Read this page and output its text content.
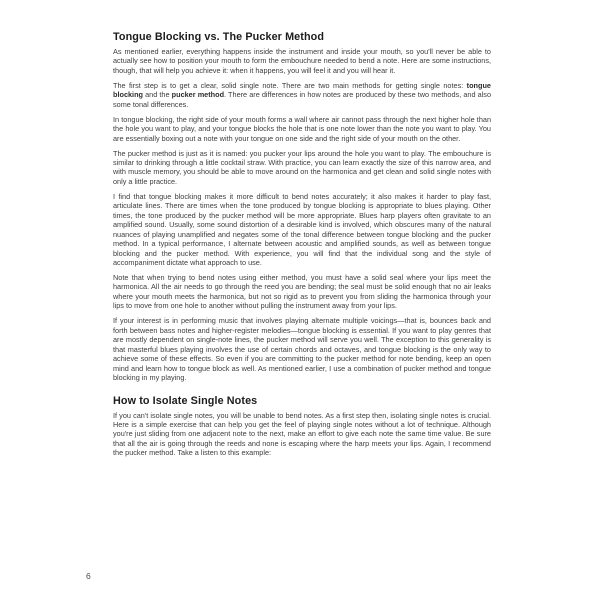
Tongue Blocking vs. The Pucker Method

As mentioned earlier, everything happens inside the instrument and inside your mouth, so you'll never be able to actually see how to position your mouth to form the embouchure needed to bend a note. Here are some instructions, though, that will help you achieve it: when it happens, you will feel it and you will hear it.

The first step is to get a clear, solid single note. There are two main methods for getting single notes: tongue blocking and the pucker method. There are differences in how notes are produced by these two methods, and also some tonal differences.

In tongue blocking, the right side of your mouth forms a wall where air cannot pass through the next higher hole than the hole you want to play, and your tongue blocks the hole that is one note lower than the note you want to play. You are essentially boxing out a note with your tongue on one side and the right side of your mouth on the other.

The pucker method is just as it is named: you pucker your lips around the hole you want to play. The embouchure is similar to drinking through a little cocktail straw. With practice, you can learn exactly the size of this narrow area, and with muscle memory, you should be able to move around on the harmonica and get clean and solid single notes with only a little practice.

I find that tongue blocking makes it more difficult to bend notes accurately; it also makes it harder to play fast, articulate lines. There are times when the tone produced by tongue blocking is appropriate to blues playing. Other times, the tone produced by the pucker method will be more appropriate. Blues harp players often gravitate to an amplified sound. Usually, some sound distortion of a desirable kind is involved, which obscures many of the natural nuances of playing unamplified and negates some of the tonal difference between tongue blocking and the pucker method. In a typical performance, I alternate between acoustic and amplified sounds, as well as between tongue blocking and the pucker method. With experience, you will find that the individual song and the style of accompaniment dictate what approach to use.

Note that when trying to bend notes using either method, you must have a solid seal where your lips meet the harmonica. All the air needs to go through the reed you are bending; the seal must be solid enough that no air leaks where your mouth meets the harmonica, but not so rigid as to prevent you from sliding the harmonica through your lips to move from one hole to another without pulling the instrument away from your lips.

If your interest is in performing music that involves playing alternate multiple voicings—that is, bounces back and forth between bass notes and higher-register melodies—tongue blocking is essential. If you want to play genres that are mostly dependent on single-note lines, the pucker method will serve you well. The exception to this generality is that masterful blues playing involves the use of certain chords and octaves, and tongue blocking is the only way to achieve some of these effects. So even if you are committing to the pucker method for note bending, keep an open mind and learn how to tongue block as well. As mentioned earlier, I use a combination of pucker method and tongue blocking in my playing.

How to Isolate Single Notes

If you can't isolate single notes, you will be unable to bend notes. As a first step then, isolating single notes is crucial. Here is a simple exercise that can help you get the feel of playing single notes without a lot of technique. Although you're just sliding from one adjacent note to the next, make an effort to give each note the same time value. Be sure that all the air is going through the reeds and none is escaping where the harp meets your lips. Again, I recommend the pucker method. Take a listen to this example:

6
